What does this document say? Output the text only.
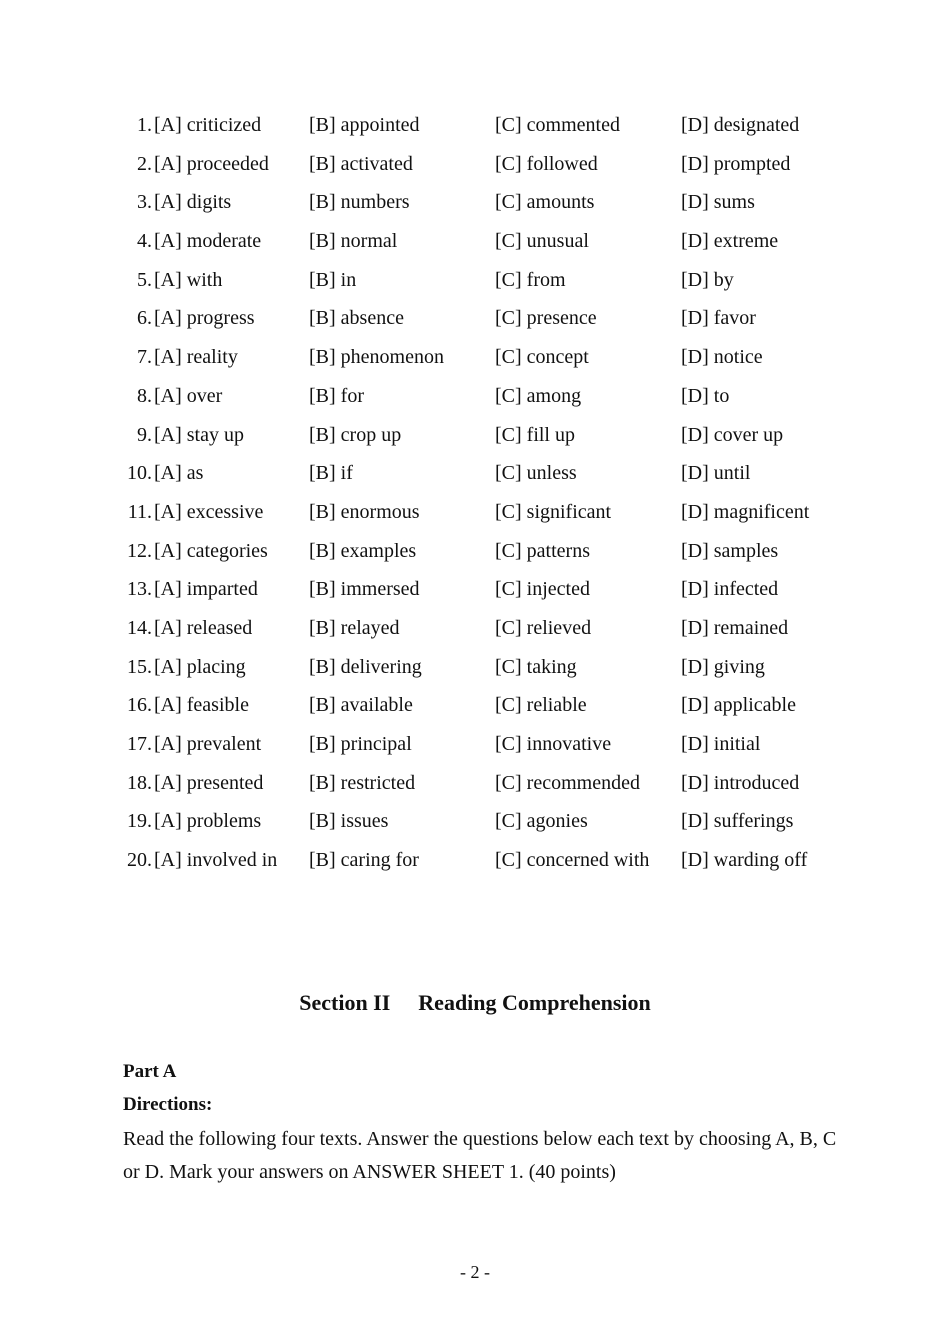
1. [A] criticized [B] appointed	[C] commented	[D] designated
2. [A] proceeded [B] activated	[C] followed	[D] prompted
3. [A] digits	[B] numbers	[C] amounts	[D] sums
4. [A] moderate [B] normal	[C] unusual	[D] extreme
5. [A] with	[B] in	[C] from	[D] by
6. [A] progress	[B] absence	[C] presence	[D] favor
7. [A] reality	[B] phenomenon	[C] concept	[D] notice
8. [A] over	[B] for	[C] among	[D] to
9. [A] stay up	[B] crop up	[C] fill up	[D] cover up
10. [A] as	[B] if	[C] unless	[D] until
11. [A] excessive [B] enormous	[C] significant	[D] magnificent
12. [A] categories [B] examples	[C] patterns	[D] samples
13. [A] imparted	[B] immersed	[C] injected	[D] infected
14. [A] released	[B] relayed	[C] relieved	[D] remained
15. [A] placing	[B] delivering	[C] taking	[D] giving
16. [A] feasible	[B] available	[C] reliable	[D] applicable
17. [A] prevalent [B] principal	[C] innovative	[D] initial
18. [A] presented [B] restricted	[C] recommended [D] introduced
19. [A] problems [B] issues	[C] agonies	[D] sufferings
20. [A] involved in [B] caring for	[C] concerned with [D] warding off
Section II Reading Comprehension
Part A
Directions:
Read the following four texts. Answer the questions below each text by choosing A, B, C or D. Mark your answers on ANSWER SHEET 1. (40 points)
- 2 -
